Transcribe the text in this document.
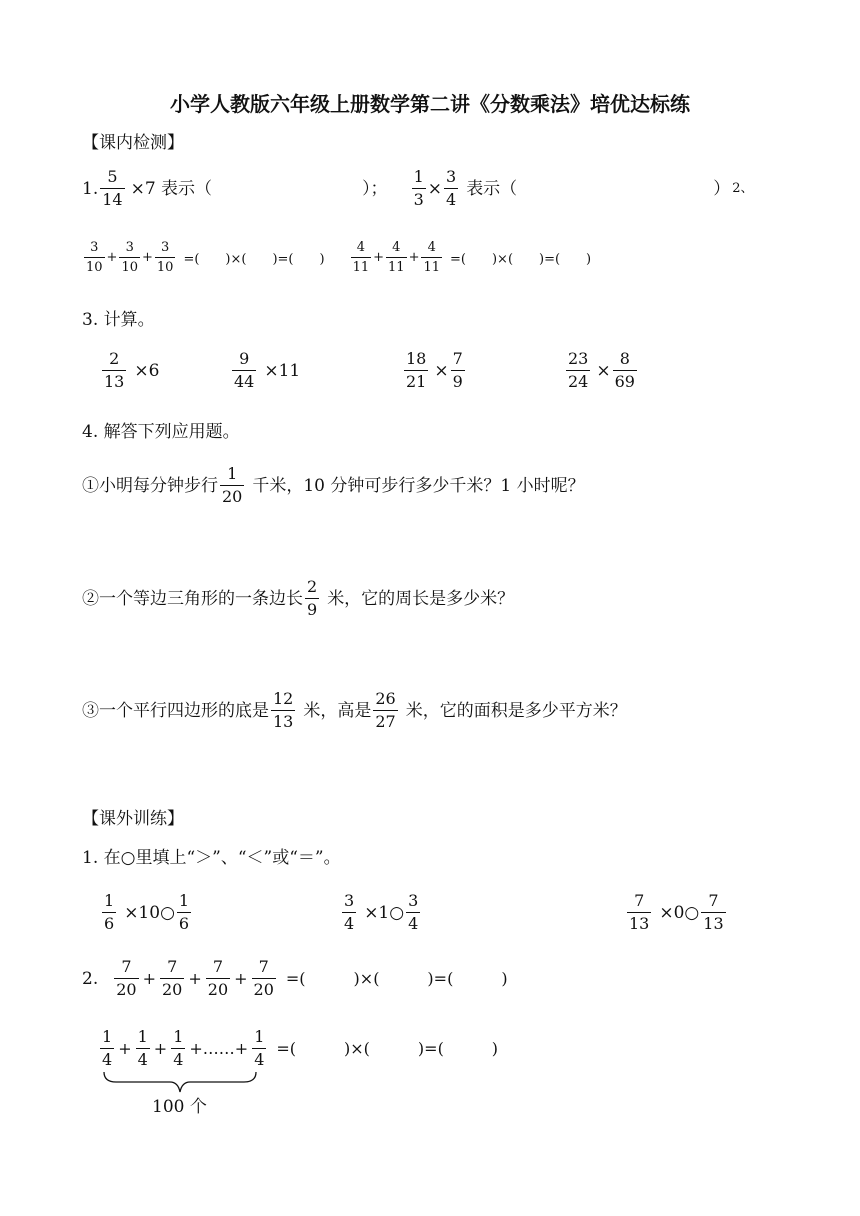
小学人教版六年级上册数学第二讲《分数乘法》培优达标练
【课内检测】
1. $\frac{5}{14} \times 7$ 表示（	）； $\frac{1}{3} \times \frac{3}{4}$ 表示（	） 2、
$\frac{3}{10} + \frac{3}{10} + \frac{3}{10}$ =(　　)×(　　)=(　　) $\frac{4}{11} + \frac{4}{11} + \frac{4}{11}$ =(　　)×(　　)=(　　)
3. 计算。
$\frac{2}{13} \times 6$	$\frac{9}{44} \times 11$	$\frac{18}{21} \times \frac{7}{9}$	$\frac{23}{24} \times \frac{8}{69}$
4. 解答下列应用题。
①小明每分钟步行 $\frac{1}{20}$ 千米，10 分钟可步行多少千米？1 小时呢？
②一个等边三角形的一条边长 $\frac{2}{9}$ 米，它的周长是多少米？
③一个平行四边形的底是 $\frac{12}{13}$ 米，高是 $\frac{26}{27}$ 米，它的面积是多少平方米？
【课外训练】
1. 在○里填上“＞”、“＜”或“＝”。
$\frac{1}{6}$ ×10○ $\frac{1}{6}$	$\frac{3}{4}$ ×1○ $\frac{3}{4}$	$\frac{7}{13}$ ×0○ $\frac{7}{13}$
2. $\frac{7}{20} + \frac{7}{20} + \frac{7}{20} + \frac{7}{20}$ =(　　　)×(　　　)=(　　　)
$\frac{1}{4} + \frac{1}{4} + \frac{1}{4}$ +……+ $\frac{1}{4}$ =(　　　)×(　　　)=(　　　)
100 个
